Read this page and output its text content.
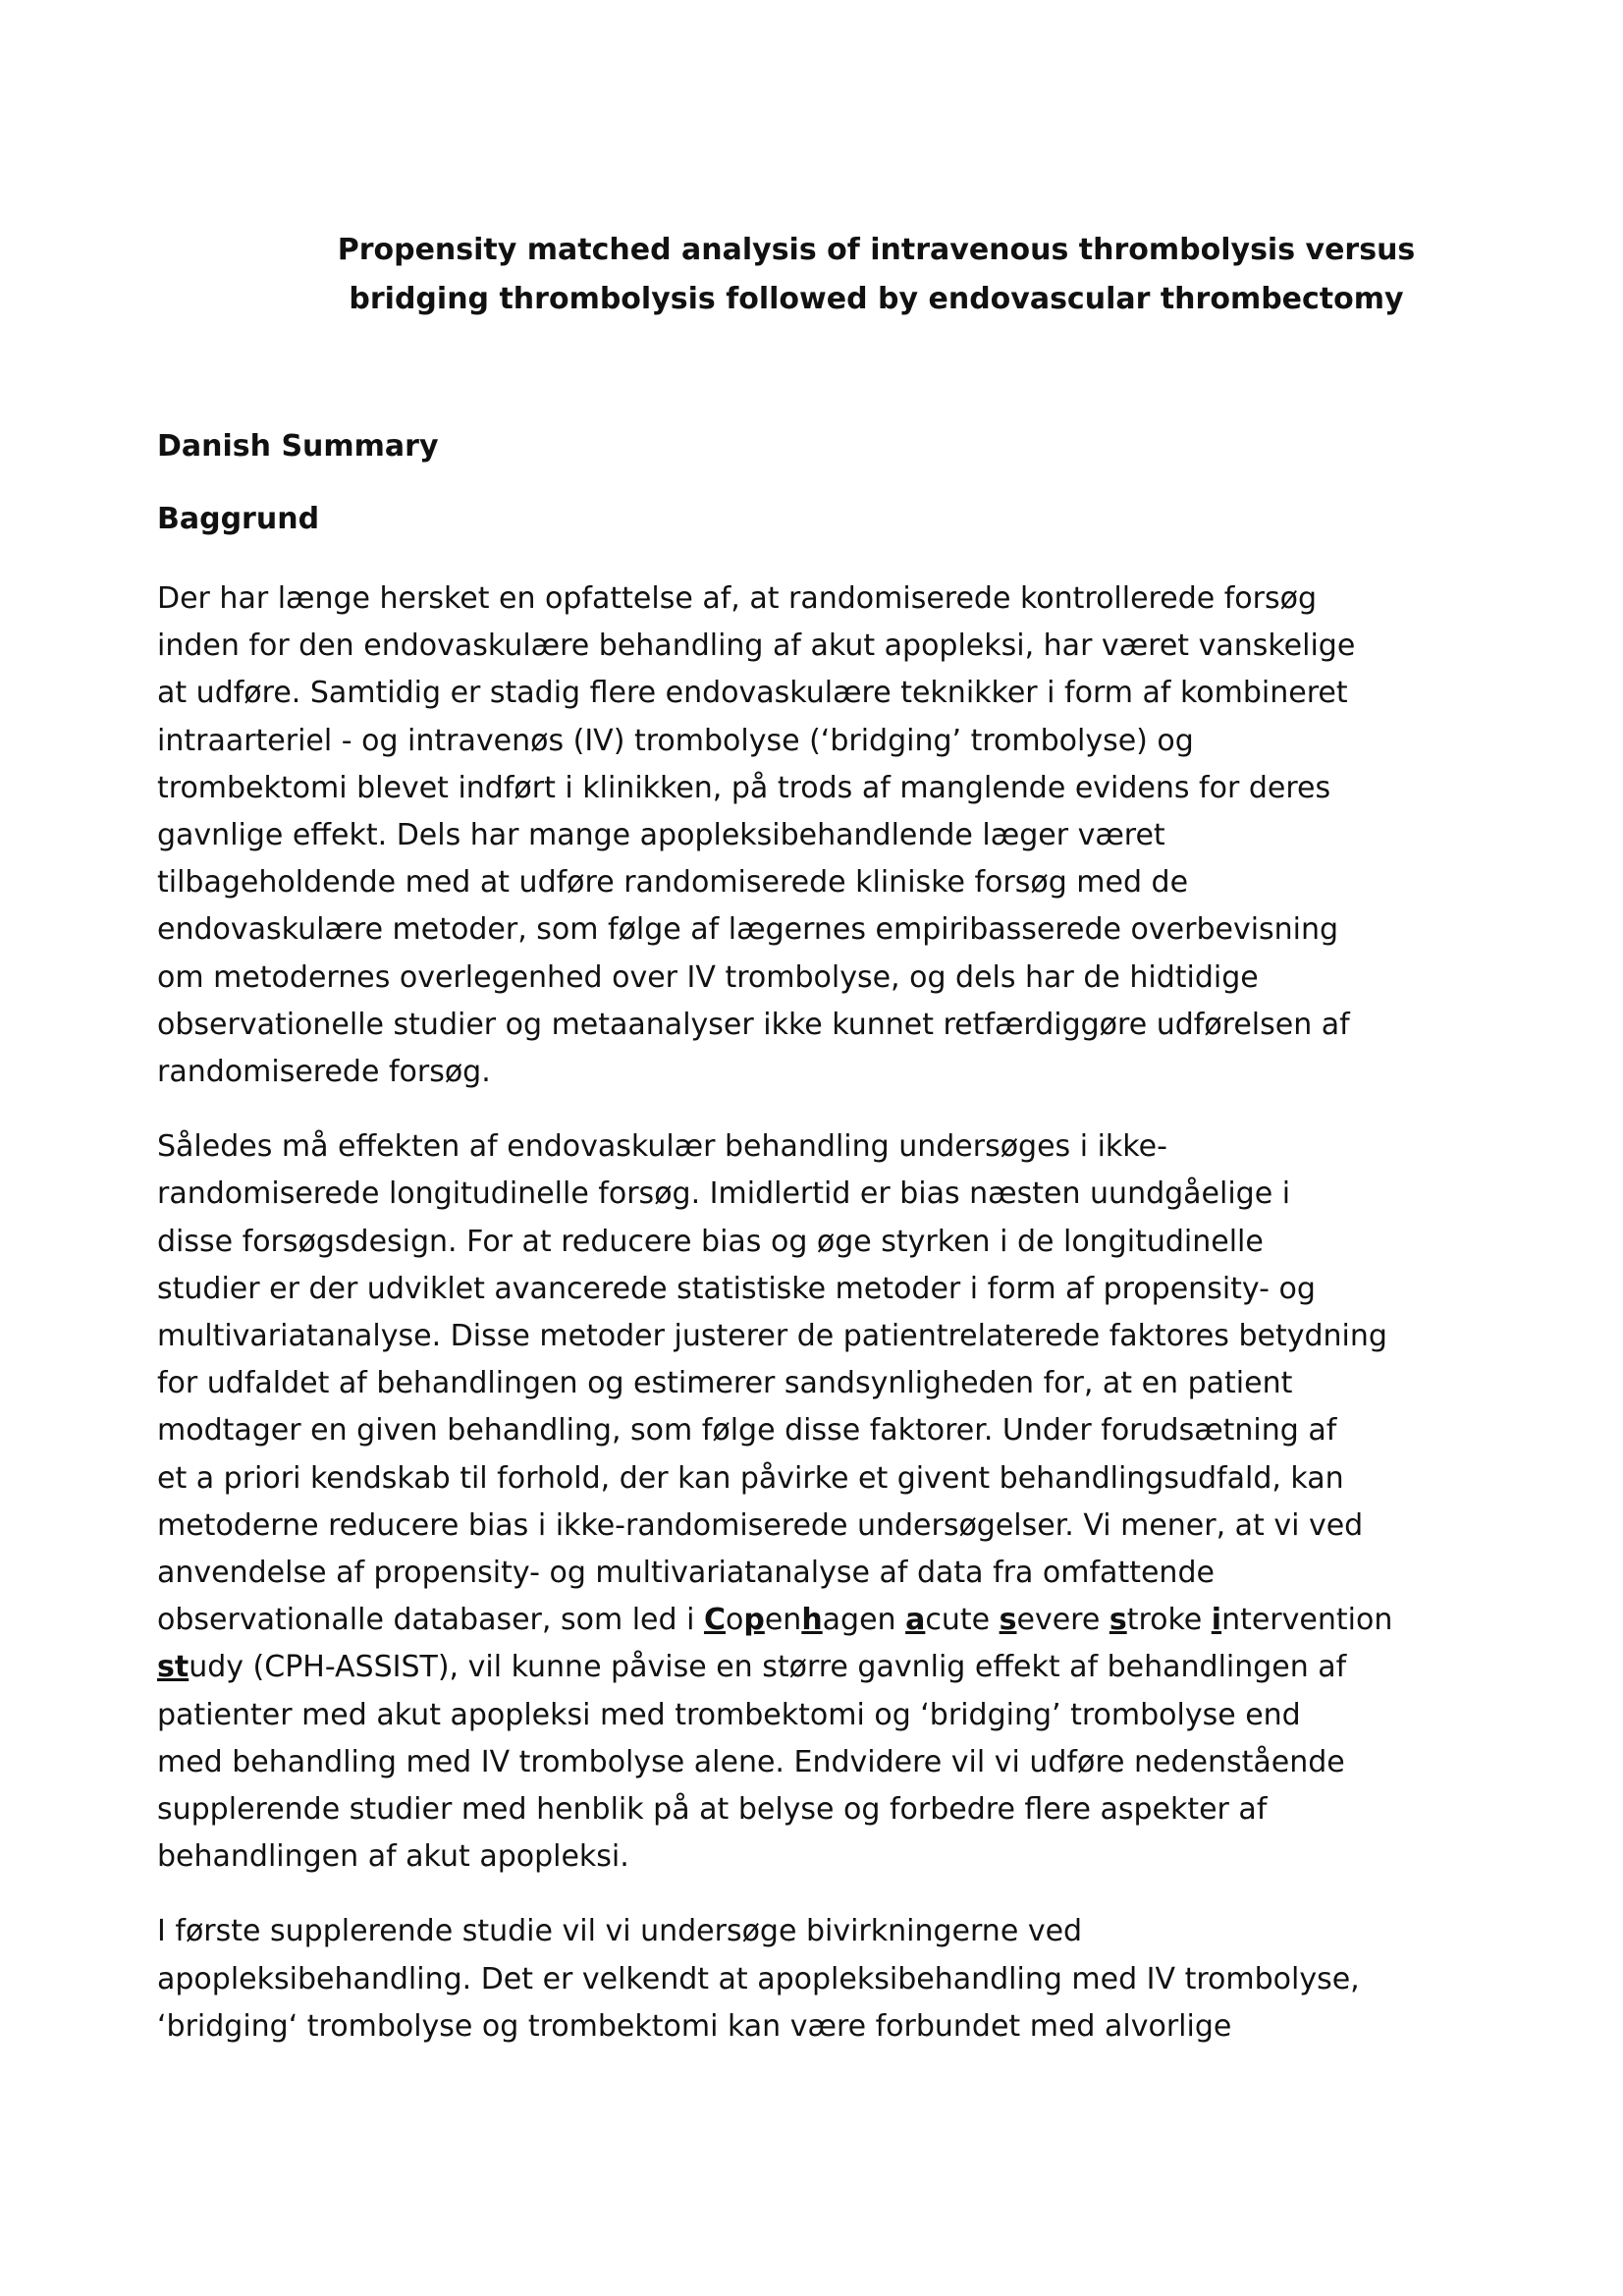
Propensity matched analysis of intravenous thrombolysis versus
bridging thrombolysis followed by endovascular thrombectomy
Danish Summary
Baggrund

Der har længe hersket en opfattelse af, at randomiserede kontrollerede forsøg
inden for den endovaskulære behandling af akut apopleksi, har været vanskelige
at udføre. Samtidig er stadig flere endovaskulære teknikker i form af kombineret
intraarteriel - og intravenøs (IV) trombolyse (‘bridging’ trombolyse) og
trombektomi blevet indført i klinikken, på trods af manglende evidens for deres
gavnlige effekt. Dels har mange apopleksibehandlende læger været
tilbageholdende med at udføre randomiserede kliniske forsøg med de
endovaskulære metoder, som følge af lægernes empiribasserede overbevisning
om metodernes overlegenhed over IV trombolyse, og dels har de hidtidige
observationelle studier og metaanalyser ikke kunnet retfærdiggøre udførelsen af
randomiserede forsøg.

Således må effekten af endovaskulær behandling undersøges i ikke-
randomiserede longitudinelle forsøg. Imidlertid er bias næsten uundgåelige i
disse forsøgsdesign. For at reducere bias og øge styrken i de longitudinelle
studier er der udviklet avancerede statistiske metoder i form af propensity- og
multivariatanalyse. Disse metoder justerer de patientrelaterede faktores betydning
for udfaldet af behandlingen og estimerer sandsynligheden for, at en patient
modtager en given behandling, som følge disse faktorer. Under forudsætning af
et a priori kendskab til forhold, der kan påvirke et givent behandlingsudfald, kan
metoderne reducere bias i ikke-randomiserede undersøgelser. Vi mener, at vi ved
anvendelse af propensity- og multivariatanalyse af data fra omfattende
observationalle databaser, som led i Copenhagen acute severe stroke intervention
study (CPH-ASSIST), vil kunne påvise en større gavnlig effekt af behandlingen af
patienter med akut apopleksi med trombektomi og ‘bridging’ trombolyse end
med behandling med IV trombolyse alene. Endvidere vil vi udføre nedenstående
supplerende studier med henblik på at belyse og forbedre flere aspekter af
behandlingen af akut apopleksi.

I første supplerende studie vil vi undersøge bivirkningerne ved
apopleksibehandling. Det er velkendt at apopleksibehandling med IV trombolyse,
‘bridging‘ trombolyse og trombektomi kan være forbundet med alvorlige
